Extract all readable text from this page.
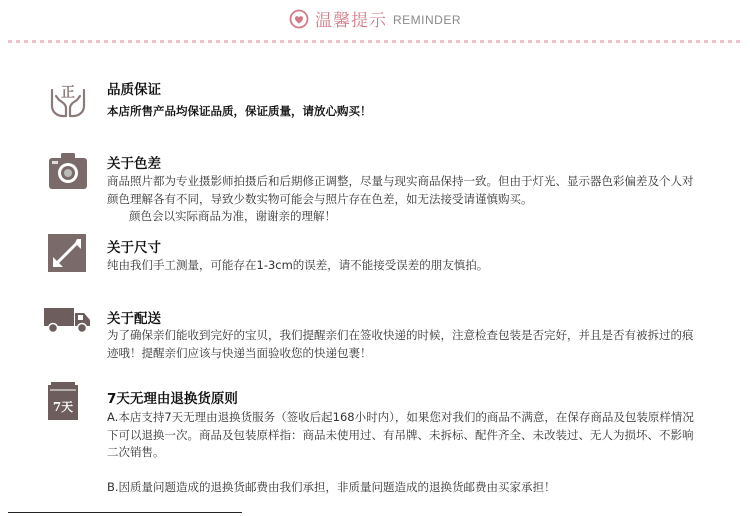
温馨提示 REMINDER
正 品质保证

本店所售产品均保证品质，保证质量，请放心购买！

关于色差

商品照片都为专业摄影师拍摄后和后期修正调整，尽量与现实商品保持一致。但由于灯光、显示器色彩偏差及个人对颜色理解各有不同，导致少数实物可能会与照片存在色差，如无法接受请谨慎购买。

颜色会以实际商品为准，谢谢亲的理解！

关于尺寸

纯由我们手工测量，可能存在1-3cm的误差，请不能接受误差的朋友慎拍。

关于配送

为了确保亲们能收到完好的宝贝，我们提醒亲们在签收快递的时候，注意检查包装是否完好，并且是否有被拆过的痕迹哦！提醒亲们应该与快递当面验收您的快递包裹！

7天	7天无理由退换货原则

A.本店支持7天无理由退换货服务（签收后起168小时内），如果您对我们的商品不满意，在保存商品及包装原样情况下可以退换一次。商品及包装原样指：商品未使用过、有吊牌、未拆标、配件齐全、未改装过、无人为损坏、不影响二次销售。

B.因质量问题造成的退换货邮费由我们承担，非质量问题造成的退换货邮费由买家承担！
